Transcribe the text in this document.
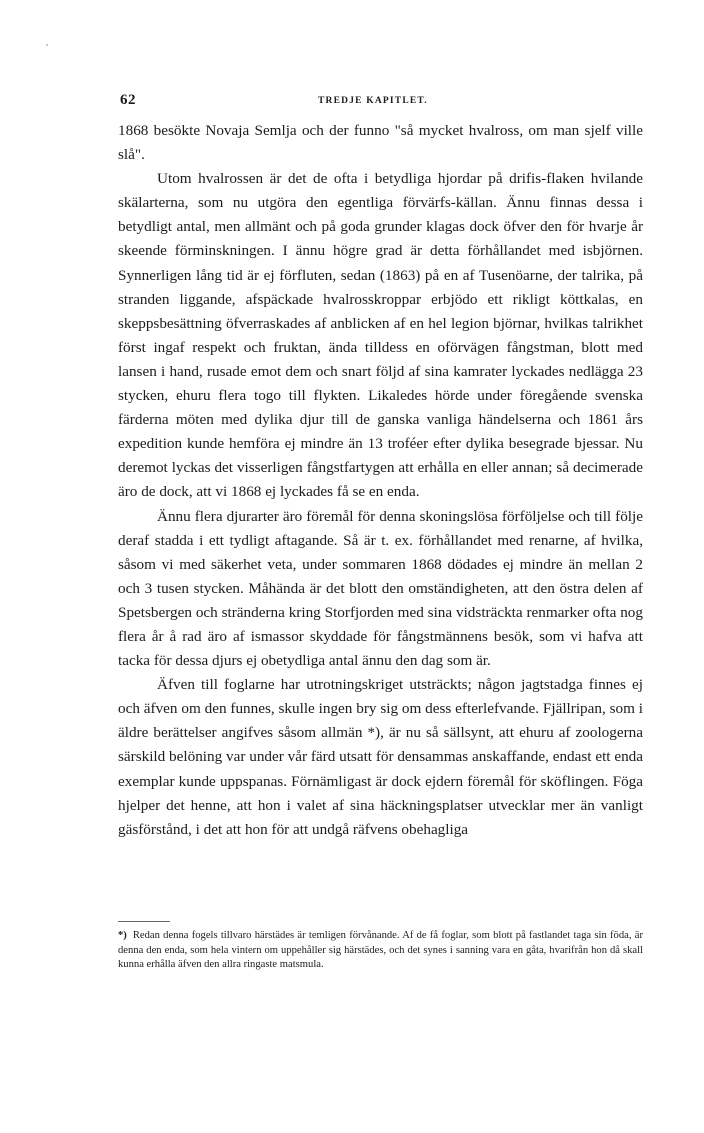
62	TREDJE KAPITLET.

1868 besökte Novaja Semlja och der funno "så mycket hvalross, om man sjelf ville slå".

Utom hvalrossen är det de ofta i betydliga hjordar på drifis-flaken hvilande skälarterna, som nu utgöra den egentliga förvärfs-källan. Ännu finnas dessa i betydligt antal, men allmänt och på goda grunder klagas dock öfver den för hvarje år skeende förminskningen. I ännu högre grad är detta förhållandet med isbjörnen. Synnerligen lång tid är ej förfluten, sedan (1863) på en af Tusenöarne, der talrika, på stranden liggande, afspäckade hvalrosskroppar erbjödo ett rikligt köttkalas, en skeppsbesättning öfverraskades af anblicken af en hel legion björnar, hvilkas talrikhet först ingaf respekt och fruktan, ända tilldess en oförvägen fångstman, blott med lansen i hand, rusade emot dem och snart följd af sina kamrater lyckades nedlägga 23 stycken, ehuru flera togo till flykten. Likaledes hörde under föregående svenska färderna möten med dylika djur till de ganska vanliga händelserna och 1861 års expedition kunde hemföra ej mindre än 13 troféer efter dylika besegrade bjessar. Nu deremot lyckas det visserligen fångstfartygen att erhålla en eller annan; så decimerade äro de dock, att vi 1868 ej lyckades få se en enda.

Ännu flera djurarter äro föremål för denna skoningslösa förföljelse och till följe deraf stadda i ett tydligt aftagande. Så är t. ex. förhållandet med renarne, af hvilka, såsom vi med säkerhet veta, under sommaren 1868 dödades ej mindre än mellan 2 och 3 tusen stycken. Måhända är det blott den omständigheten, att den östra delen af Spetsbergen och stränderna kring Storfjorden med sina vidsträckta renmarker ofta nog flera år å rad äro af ismassor skyddade för fångstmännens besök, som vi hafva att tacka för dessa djurs ej obetydliga antal ännu den dag som är.

Äfven till foglarne har utrotningskriget utsträckts; någon jagtstadga finnes ej och äfven om den funnes, skulle ingen bry sig om dess efterlefvande. Fjällripan, som i äldre berättelser angifves såsom allmän *), är nu så sällsynt, att ehuru af zoologerna särskild belöning var under vår färd utsatt för densammas anskaffande, endast ett enda exemplar kunde uppspanas. Förnämligast är dock ejdern föremål för sköflingen. Föga hjelper det henne, att hon i valet af sina häckningsplatser utvecklar mer än vanligt gäsförstånd, i det att hon för att undgå räfvens obehagliga

*) Redan denna fogels tillvaro härstädes är temligen förvånande. Af de få foglar, som blott på fastlandet taga sin föda, är denna den enda, som hela vintern om uppehåller sig härstädes, och det synes i sanning vara en gåta, hvarifrån hon då skall kunna erhålla äfven den allra ringaste matsmula.
